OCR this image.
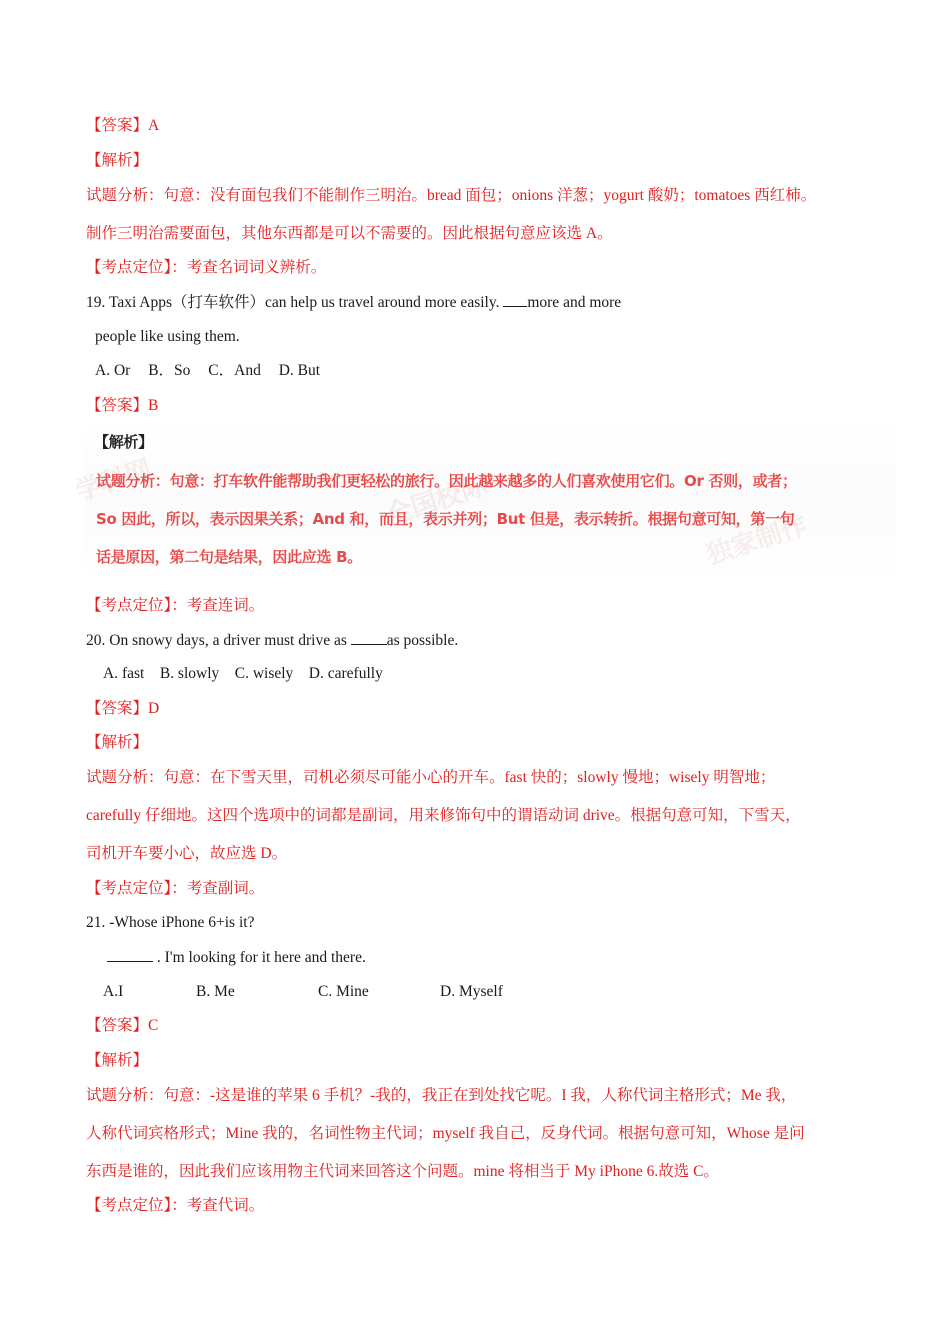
【答案】A
【解析】
试题分析：句意：没有面包我们不能制作三明治。bread 面包；onions 洋葱；yogurt 酸奶；tomatoes 西红柿。
制作三明治需要面包，其他东西都是可以不需要的。因此根据句意应该选 A。
【考点定位】：考查名词词义辨析。
19. Taxi Apps（打车软件）can help us travel around more easily. more and more
people like using them.
A. Or B．So C．And D. But
【答案】B
学科网	全国校际
独家制作
【解析】
试题分析：句意：打车软件能帮助我们更轻松的旅行。因此越来越多的人们喜欢使用它们。Or 否则，或者；
So 因此，所以，表示因果关系；And 和，而且，表示并列；But 但是，表示转折。根据句意可知，第一句
话是原因，第二句是结果，因此应选 B。
【考点定位】：考查连词。
20. On snowy days, a driver must drive as as possible.
A. fast    B. slowly    C. wisely    D. carefully
【答案】D
【解析】
试题分析：句意：在下雪天里，司机必须尽可能小心的开车。fast 快的；slowly 慢地；wisely 明智地；
carefully 仔细地。这四个选项中的词都是副词，用来修饰句中的谓语动词 drive。根据句意可知，下雪天，
司机开车要小心，故应选 D。
【考点定位】：考查副词。
21. -Whose iPhone 6+is it?
. I'm looking for it here and there.
A.I	B. Me	C. Mine	D. Myself
【答案】C
【解析】
试题分析：句意：-这是谁的苹果 6 手机？-我的，我正在到处找它呢。I 我，人称代词主格形式；Me 我，
人称代词宾格形式；Mine 我的，名词性物主代词；myself 我自己，反身代词。根据句意可知，Whose 是问
东西是谁的，因此我们应该用物主代词来回答这个问题。mine 将相当于 My iPhone 6.故选 C。
【考点定位】：考查代词。
